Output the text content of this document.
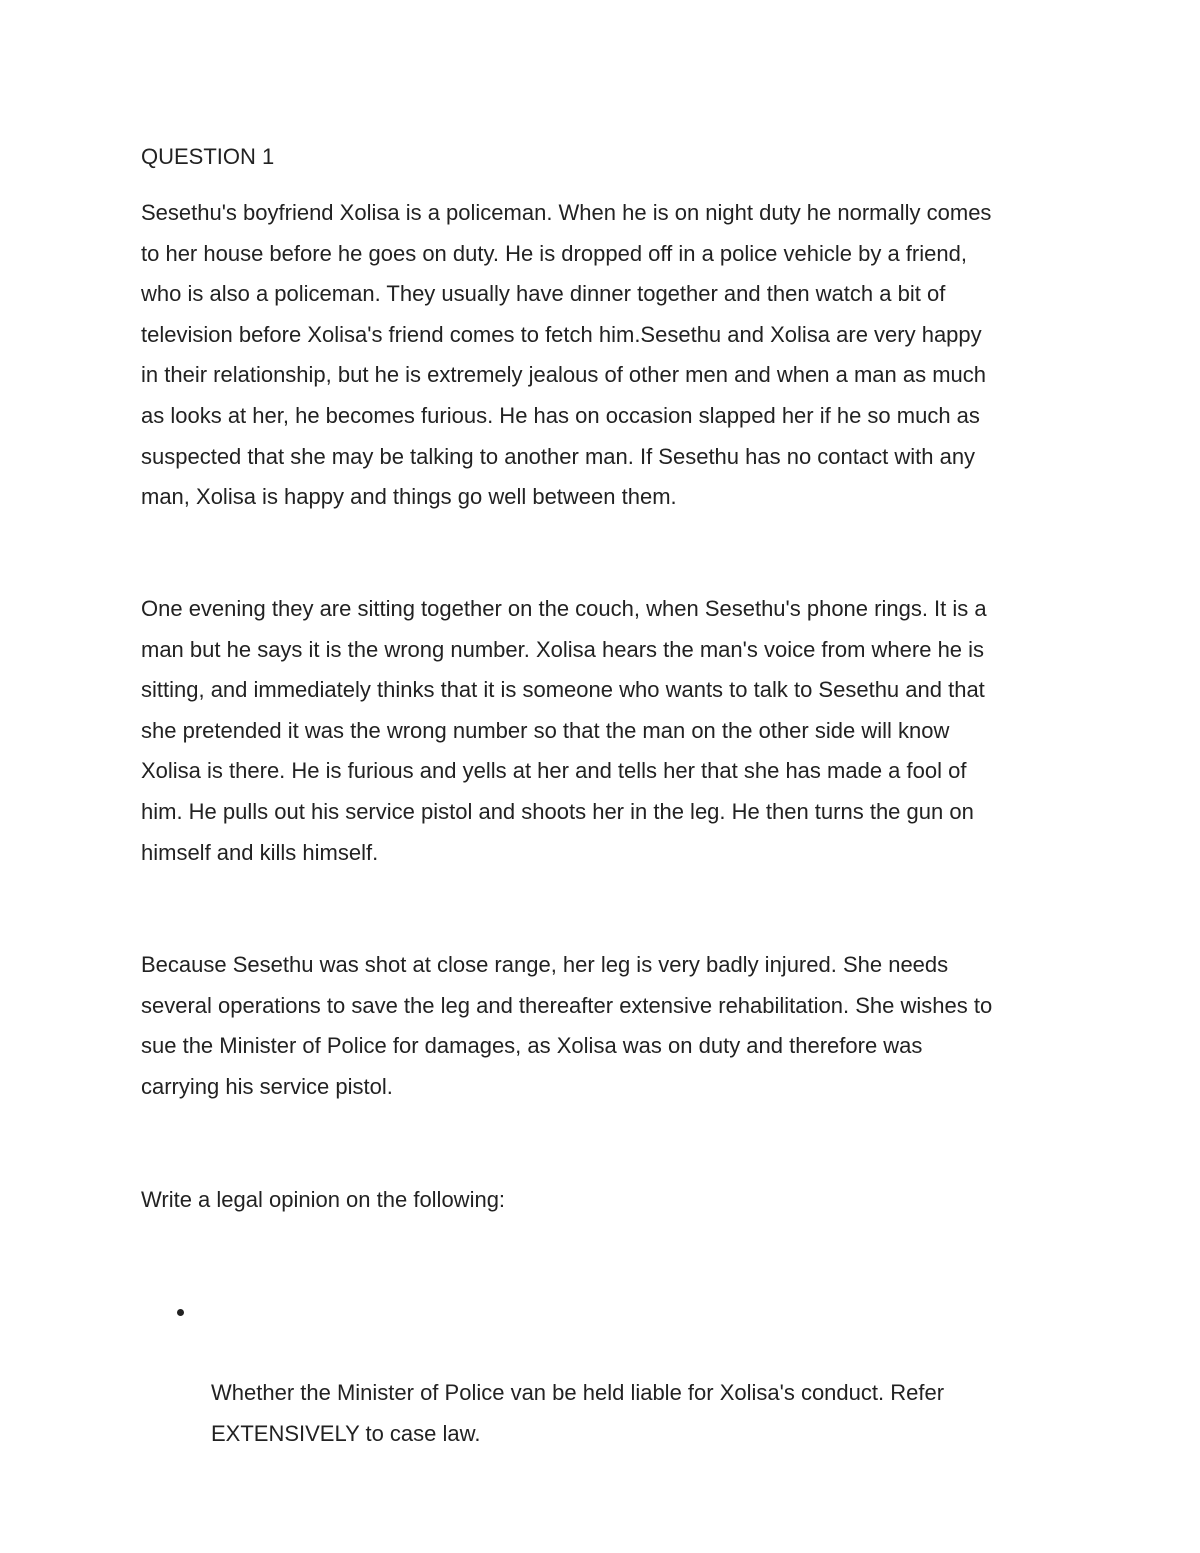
QUESTION 1

Sesethu's boyfriend Xolisa is a policeman. When he is on night duty he normally comes
to her house before he goes on duty. He is dropped off in a police vehicle by a friend,
who is also a policeman. They usually have dinner together and then watch a bit of
television before Xolisa's friend comes to fetch him.Sesethu and Xolisa are very happy
in their relationship, but he is extremely jealous of other men and when a man as much
as looks at her, he becomes furious. He has on occasion slapped her if he so much as
suspected that she may be talking to another man. If Sesethu has no contact with any
man, Xolisa is happy and things go well between them.

One evening they are sitting together on the couch, when Sesethu's phone rings. It is a
man but he says it is the wrong number. Xolisa hears the man's voice from where he is
sitting, and immediately thinks that it is someone who wants to talk to Sesethu and that
she pretended it was the wrong number so that the man on the other side will know
Xolisa is there. He is furious and yells at her and tells her that she has made a fool of
him. He pulls out his service pistol and shoots her in the leg. He then turns the gun on
himself and kills himself.

Because Sesethu was shot at close range, her leg is very badly injured. She needs
several operations to save the leg and thereafter extensive rehabilitation. She wishes to
sue the Minister of Police for damages, as Xolisa was on duty and therefore was
carrying his service pistol.

Write a legal opinion on the following:

Whether the Minister of Police van be held liable for Xolisa's conduct. Refer
EXTENSIVELY to case law.
